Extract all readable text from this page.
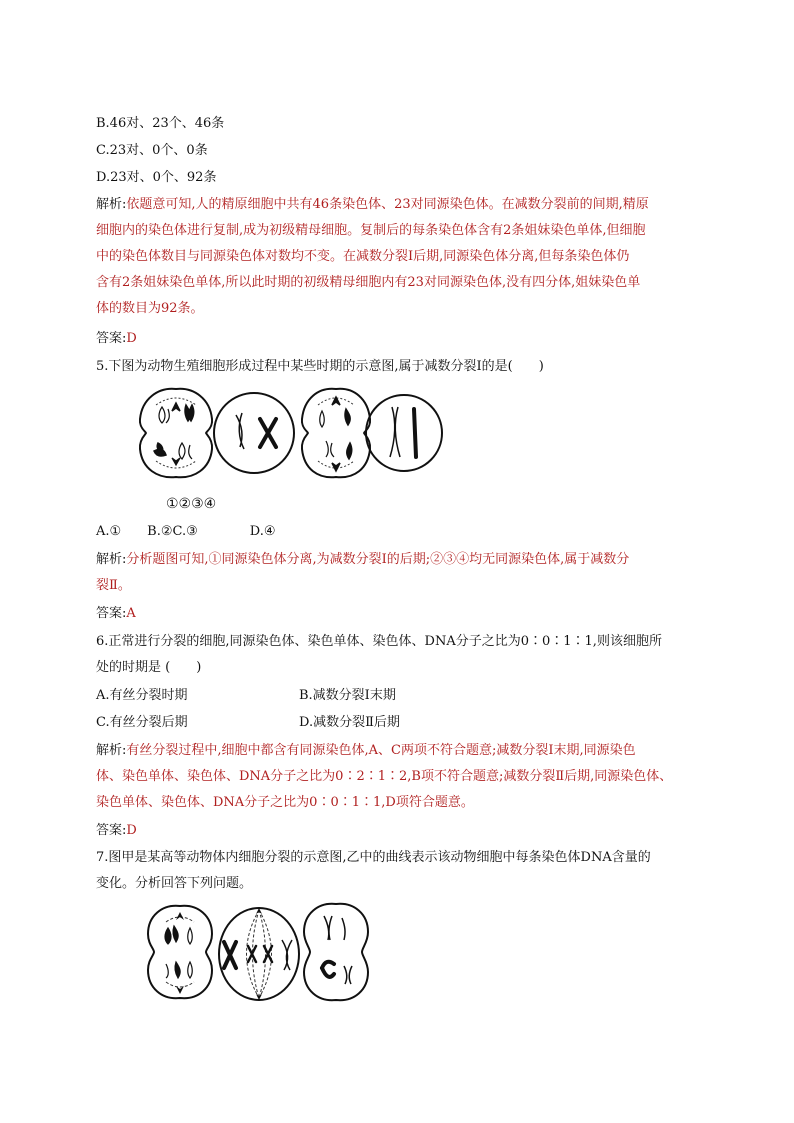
B.46对、23个、46条
C.23对、0个、0条
D.23对、0个、92条
解析:依题意可知,人的精原细胞中共有46条染色体、23对同源染色体。在减数分裂前的间期,精原
细胞内的染色体进行复制,成为初级精母细胞。复制后的每条染色体含有2条姐妹染色单体,但细胞
中的染色体数目与同源染色体对数均不变。在减数分裂Ⅰ后期,同源染色体分离,但每条染色体仍
含有2条姐妹染色单体,所以此时期的初级精母细胞内有23对同源染色体,没有四分体,姐妹染色单
体的数目为92条。
答案:D
5.下图为动物生殖细胞形成过程中某些时期的示意图,属于减数分裂Ⅰ的是(　　)
①②③④
A.①　　B.②C.③　　　　D.④
解析:分析题图可知,①同源染色体分离,为减数分裂Ⅰ的后期;②③④均无同源染色体,属于减数分
裂Ⅱ。
答案:A
6.正常进行分裂的细胞,同源染色体、染色单体、染色体、DNA分子之比为0∶0∶1∶1,则该细胞所
处的时期是 (　　)
A.有丝分裂时期	B.减数分裂Ⅰ末期
C.有丝分裂后期	D.减数分裂Ⅱ后期
解析:有丝分裂过程中,细胞中都含有同源染色体,A、C两项不符合题意;减数分裂Ⅰ末期,同源染色
体、染色单体、染色体、DNA分子之比为0∶2∶1∶2,B项不符合题意;减数分裂Ⅱ后期,同源染色体、
染色单体、染色体、DNA分子之比为0∶0∶1∶1,D项符合题意。
答案:D
7.图甲是某高等动物体内细胞分裂的示意图,乙中的曲线表示该动物细胞中每条染色体DNA含量的
变化。分析回答下列问题。
